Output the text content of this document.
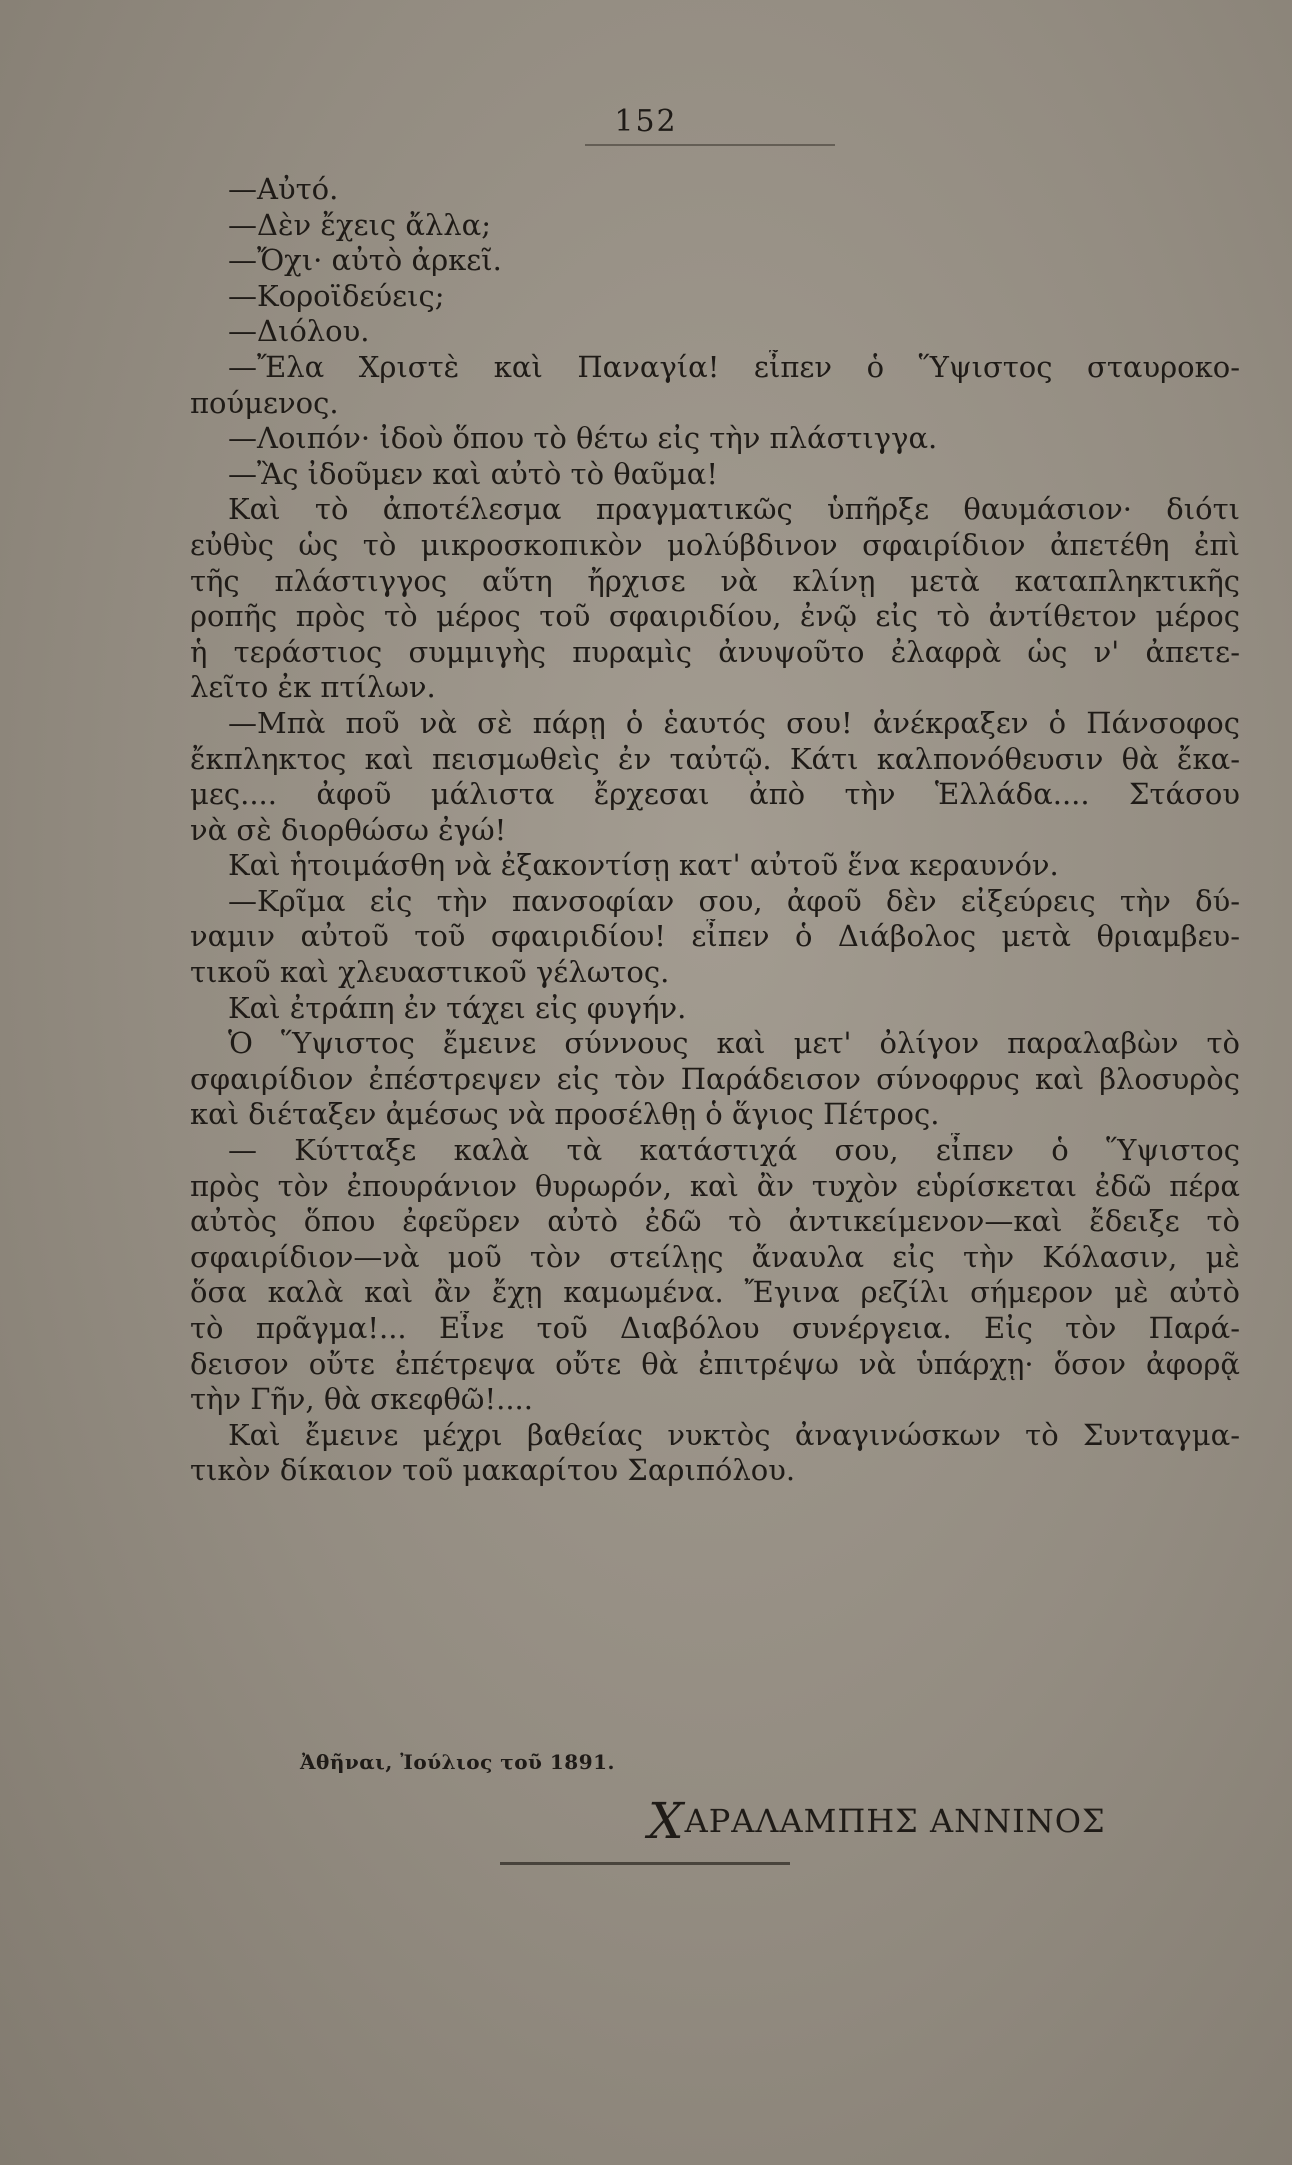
152
—Αὐτό.
—Δὲν ἔχεις ἄλλα;
—Ὄχι· αὐτὸ ἀρκεῖ.
—Κοροϊδεύεις;
—Διόλου.
—Ἔλα Χριστὲ καὶ Παναγία! εἶπεν ὁ Ὕψιστος σταυροκο-
πούμενος.
—Λοιπόν· ἰδοὺ ὅπου τὸ θέτω εἰς τὴν πλάστιγγα.
—Ἂς ἰδοῦμεν καὶ αὐτὸ τὸ θαῦμα!
Καὶ τὸ ἀποτέλεσμα πραγματικῶς ὑπῆρξε θαυμάσιον· διότι
εὐθὺς ὡς τὸ μικροσκοπικὸν μολύβδινον σφαιρίδιον ἀπετέθη ἐπὶ
τῆς πλάστιγγος αὕτη ἤρχισε νὰ κλίνῃ μετὰ καταπληκτικῆς
ροπῆς πρὸς τὸ μέρος τοῦ σφαιριδίου, ἐνῷ εἰς τὸ ἀντίθετον μέρος
ἡ τεράστιος συμμιγὴς πυραμὶς ἀνυψοῦτο ἐλαφρὰ ὡς ν' ἀπετε-
λεῖτο ἐκ πτίλων.
—Μπὰ ποῦ νὰ σὲ πάρῃ ὁ ἑαυτός σου! ἀνέκραξεν ὁ Πάνσοφος
ἔκπληκτος καὶ πεισμωθεὶς ἐν ταὐτῷ. Κάτι καλπονόθευσιν θὰ ἔκα-
μες.... ἀφοῦ μάλιστα ἔρχεσαι ἀπὸ τὴν Ἑλλάδα.... Στάσου
νὰ σὲ διορθώσω ἐγώ!
Καὶ ἡτοιμάσθη νὰ ἐξακοντίσῃ κατ' αὐτοῦ ἕνα κεραυνόν.
—Κρῖμα εἰς τὴν πανσοφίαν σου, ἀφοῦ δὲν εἰξεύρεις τὴν δύ-
ναμιν αὐτοῦ τοῦ σφαιριδίου! εἶπεν ὁ Διάβολος μετὰ θριαμβευ-
τικοῦ καὶ χλευαστικοῦ γέλωτος.
Καὶ ἐτράπη ἐν τάχει εἰς φυγήν.
Ὁ Ὕψιστος ἔμεινε σύννους καὶ μετ' ὀλίγον παραλαβὼν τὸ
σφαιρίδιον ἐπέστρεψεν εἰς τὸν Παράδεισον σύνοφρυς καὶ βλοσυρὸς
καὶ διέταξεν ἀμέσως νὰ προσέλθῃ ὁ ἅγιος Πέτρος.
— Κύτταξε καλὰ τὰ κατάστιχά σου, εἶπεν ὁ Ὕψιστος
πρὸς τὸν ἐπουράνιον θυρωρόν, καὶ ἂν τυχὸν εὑρίσκεται ἐδῶ πέρα
αὐτὸς ὅπου ἐφεῦρεν αὐτὸ ἐδῶ τὸ ἀντικείμενον—καὶ ἔδειξε τὸ
σφαιρίδιον—νὰ μοῦ τὸν στείλῃς ἄναυλα εἰς τὴν Κόλασιν, μὲ
ὅσα καλὰ καὶ ἂν ἔχῃ καμωμένα. Ἔγινα ρεζίλι σήμερον μὲ αὐτὸ
τὸ πρᾶγμα!... Εἶνε τοῦ Διαβόλου συνέργεια. Εἰς τὸν Παρά-
δεισον οὔτε ἐπέτρεψα οὔτε θὰ ἐπιτρέψω νὰ ὑπάρχῃ· ὅσον ἀφορᾷ
τὴν Γῆν, θὰ σκεφθῶ!....
Καὶ ἔμεινε μέχρι βαθείας νυκτὸς ἀναγινώσκων τὸ Συνταγμα-
τικὸν δίκαιον τοῦ μακαρίτου Σαριπόλου.
Ἀθῆναι, Ἰούλιος τοῦ 1891.
ΧΑΡΑΛΑΜΠΗΣ ΑΝΝΙΝΟΣ
